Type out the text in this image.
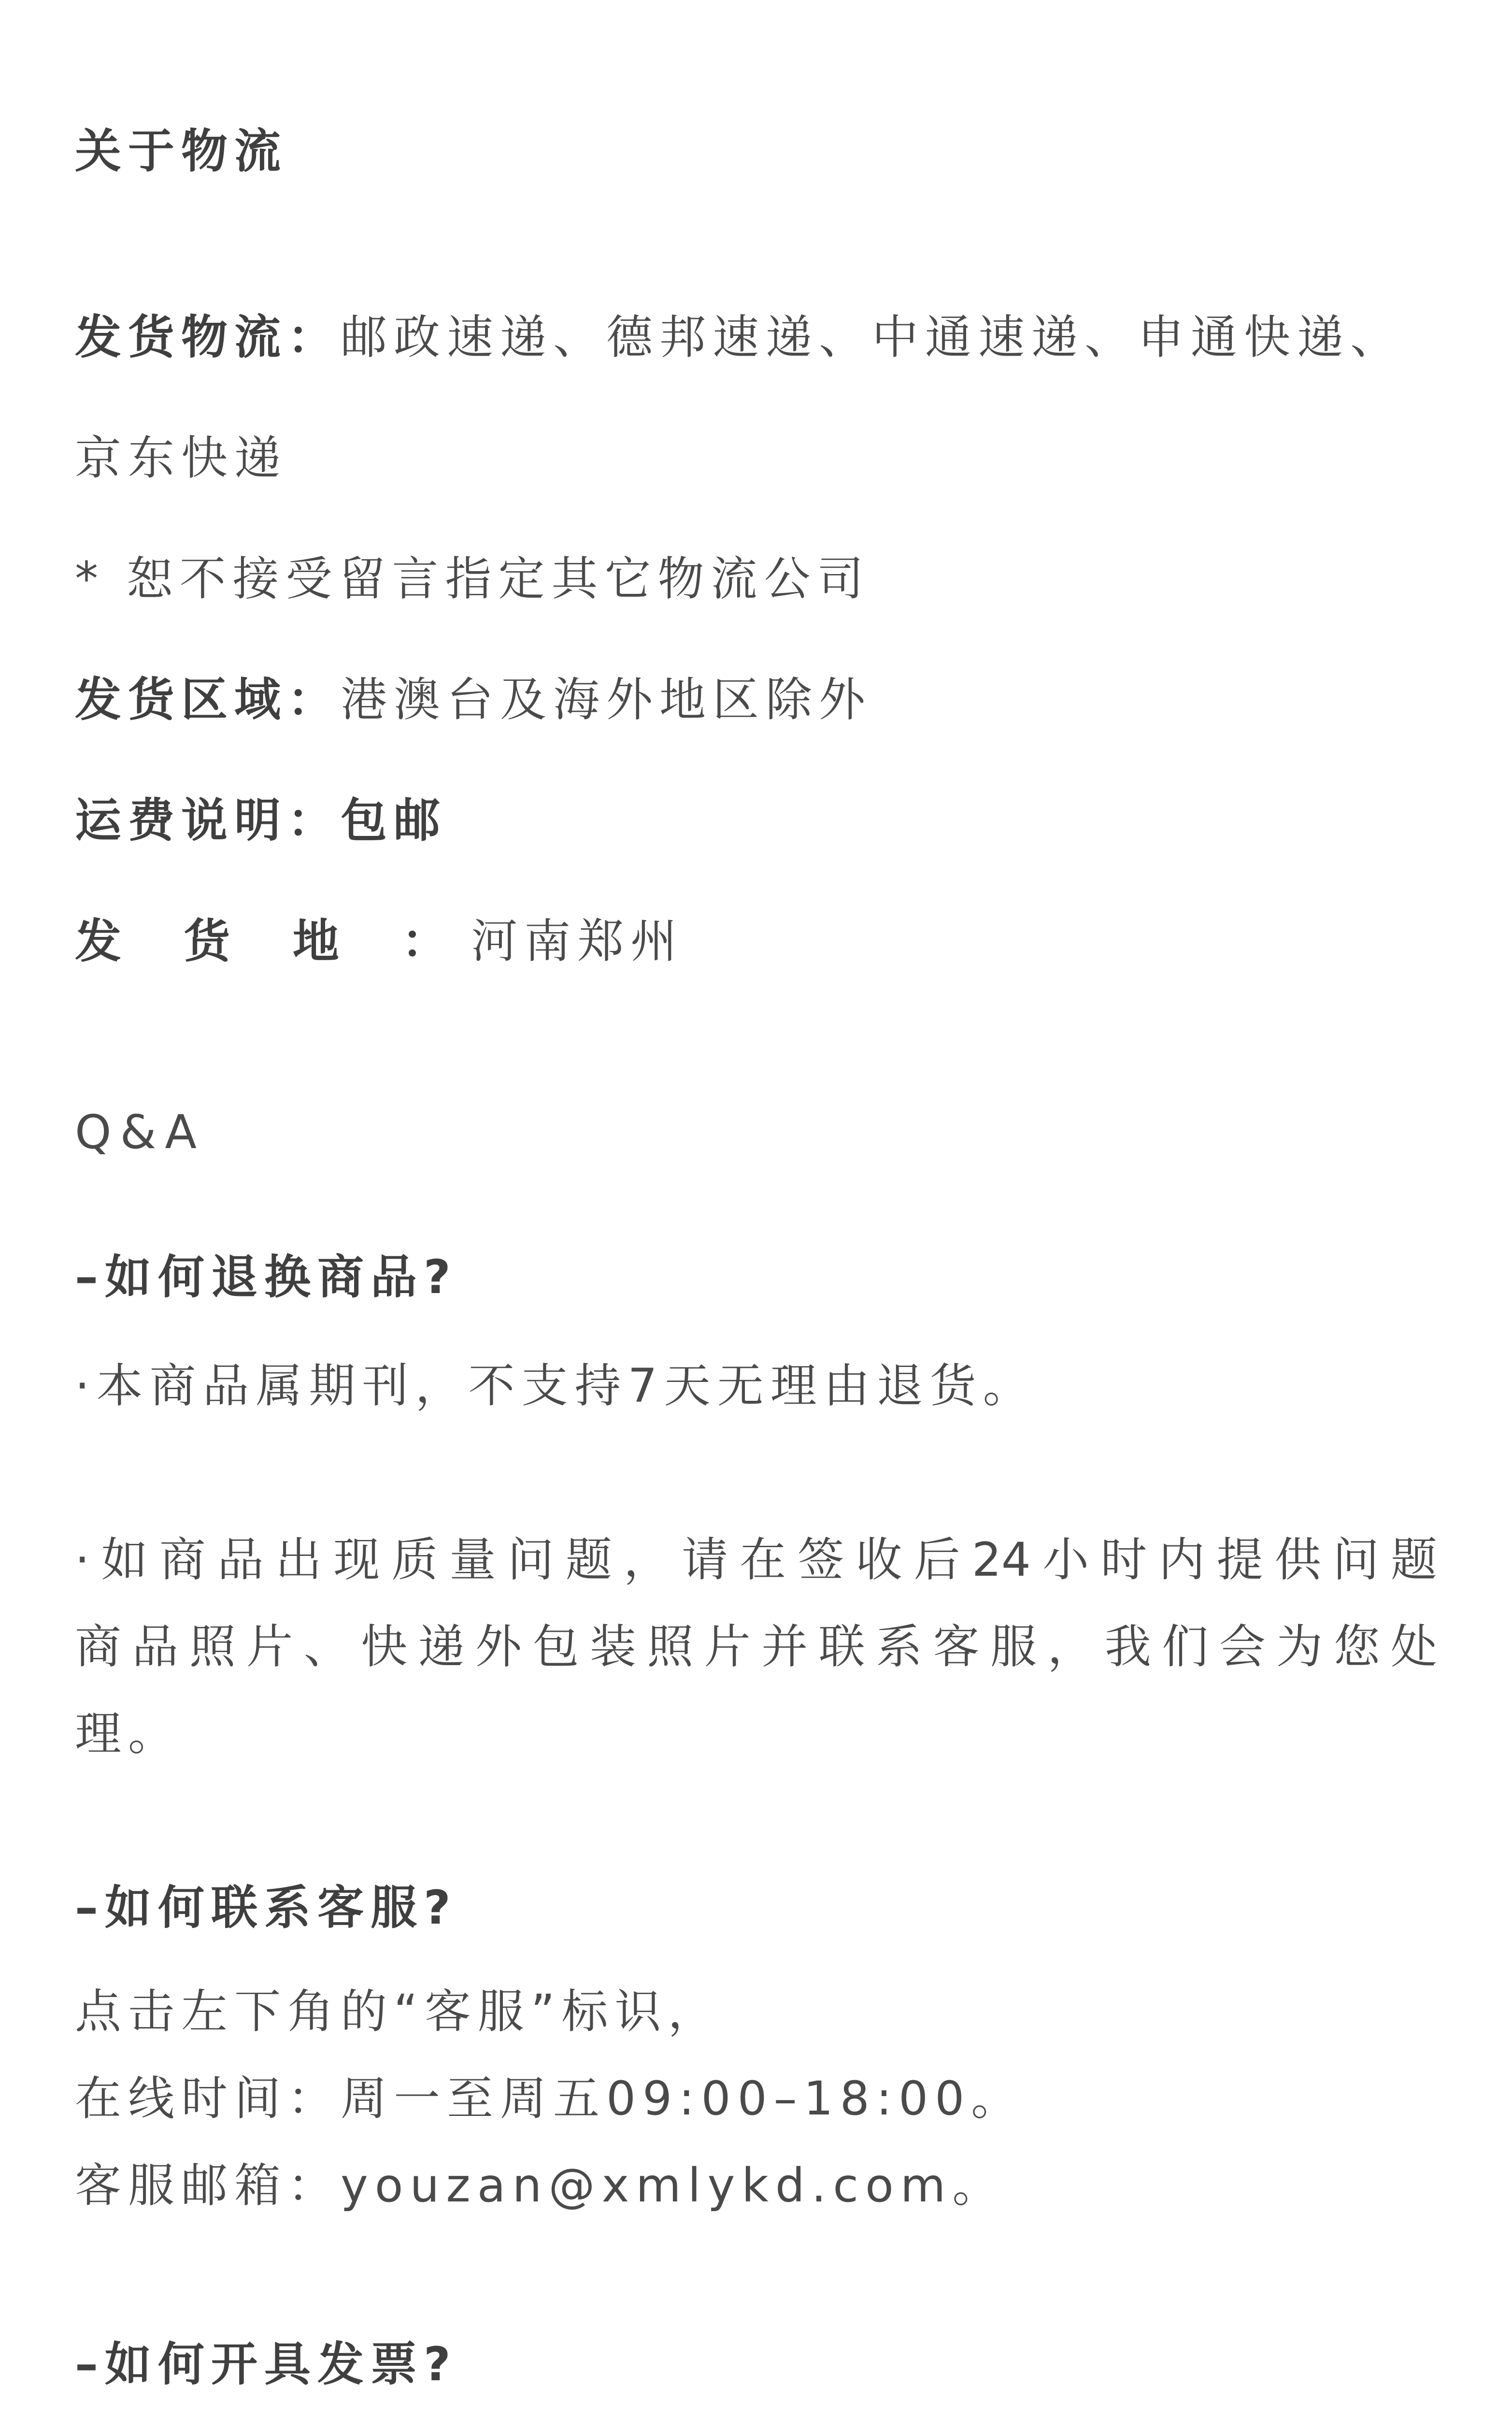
关于物流
发货物流：邮政速递、德邦速递、中通速递、申通快递、
京东快递
* 恕不接受留言指定其它物流公司
发货区域：港澳台及海外地区除外
运费说明：包邮
发 货 地 ：河南郑州
Q&A
–如何退换商品?
·本商品属期刊，不支持7天无理由退货。
·如商品出现质量问题，请在签收后24小时内提供问题
商品照片、快递外包装照片并联系客服，我们会为您处
理。
–如何联系客服?
点击左下角的“客服”标识，
在线时间：周一至周五09:00–18:00。
客服邮箱：youzan@xmlykd.com。
–如何开具发票?
